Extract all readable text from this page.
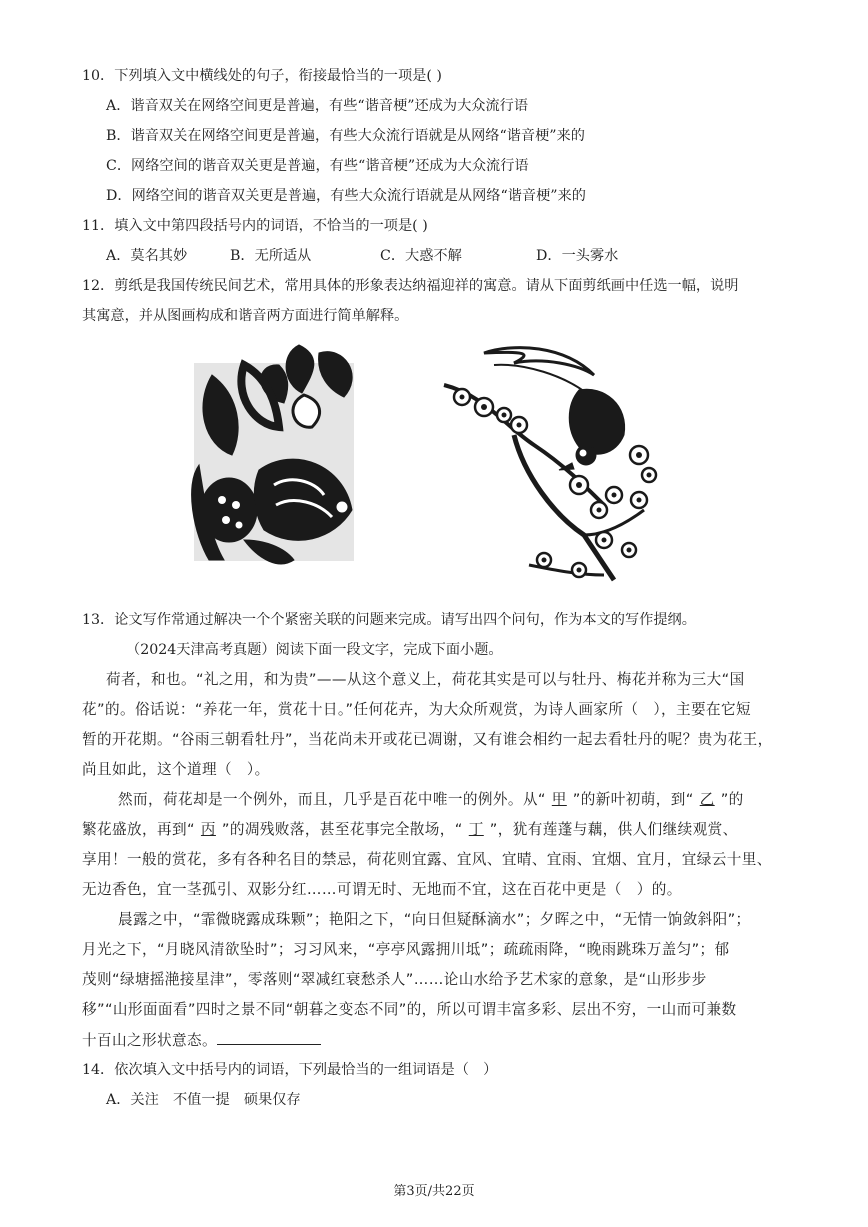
10．下列填入文中横线处的句子，衔接最恰当的一项是( )
A．谐音双关在网络空间更是普遍，有些“谐音梗”还成为大众流行语
B．谐音双关在网络空间更是普遍，有些大众流行语就是从网络“谐音梗”来的
C．网络空间的谐音双关更是普遍，有些“谐音梗”还成为大众流行语
D．网络空间的谐音双关更是普遍，有些大众流行语就是从网络“谐音梗”来的
11．填入文中第四段括号内的词语，不恰当的一项是( )
A．莫名其妙	B．无所适从	C．大惑不解	D．一头雾水
12．剪纸是我国传统民间艺术，常用具体的形象表达纳福迎祥的寓意。请从下面剪纸画中任选一幅，说明
其寓意，并从图画构成和谐音两方面进行简单解释。
13．论文写作常通过解决一个个紧密关联的问题来完成。请写出四个问句，作为本文的写作提纲。
（2024天津高考真题）阅读下面一段文字，完成下面小题。
荷者，和也。“礼之用，和为贵”——从这个意义上，荷花其实是可以与牡丹、梅花并称为三大“国
花”的。俗话说：“养花一年，赏花十日。”任何花卉，为大众所观赏，为诗人画家所（　），主要在它短
暂的开花期。“谷雨三朝看牡丹”，当花尚未开或花已凋谢，又有谁会相约一起去看牡丹的呢？贵为花王，
尚且如此，这个道理（　）。
然而，荷花却是一个例外，而且，几乎是百花中唯一的例外。从“ 甲 ”的新叶初萌，到“ 乙 ”的
繁花盛放，再到“ 丙 ”的凋残败落，甚至花事完全散场，“ 丁 ”，犹有莲蓬与藕，供人们继续观赏、
享用！一般的赏花，多有各种名目的禁忌，荷花则宜露、宜风、宜晴、宜雨、宜烟、宜月，宜绿云十里、
无边香色，宜一茎孤引、双影分红……可谓无时、无地而不宜，这在百花中更是（　）的。
晨露之中，“霏微晓露成珠颗”；艳阳之下，“向日但疑酥滴水”；夕晖之中，“无情一饷敛斜阳”；
月光之下，“月晓风清欲坠时”；习习风来，“亭亭风露拥川坻”；疏疏雨降，“晚雨跳珠万盖匀”；郁
茂则“绿塘摇滟接星津”，零落则“翠减红衰愁杀人”……论山水给予艺术家的意象，是“山形步步
移”“山形面面看”四时之景不同“朝暮之变态不同”的，所以可谓丰富多彩、层出不穷，一山而可兼数
十百山之形状意态。
14．依次填入文中括号内的词语，下列最恰当的一组词语是（　）
A．关注　不值一提　硕果仅存
第3页/共22页
